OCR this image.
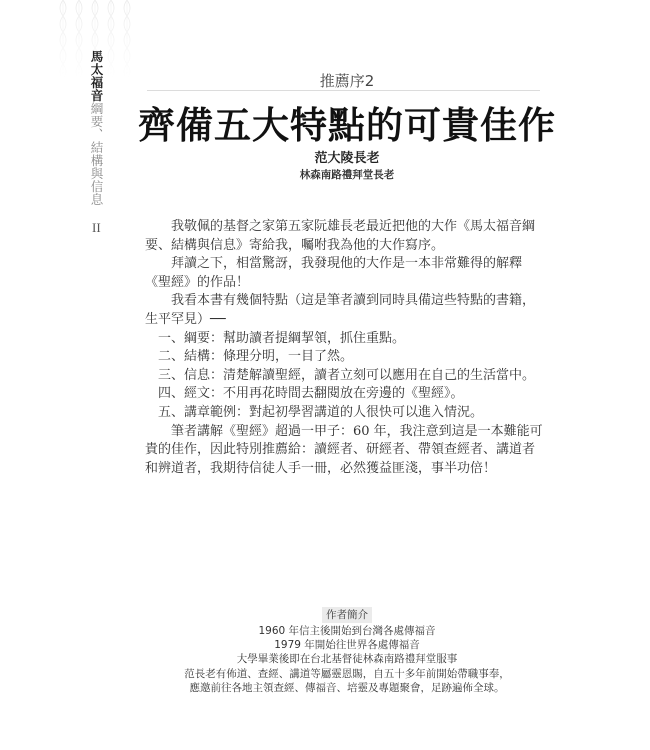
馬太福音綱要、結構與信息
II
推薦序2
齊備五大特點的可貴佳作
范大陵長老
林森南路禮拜堂長老

我敬佩的基督之家第五家阮雄長老最近把他的大作《馬太福音綱要、結構與信息》寄給我，囑咐我為他的大作寫序。

拜讀之下，相當驚訝，我發現他的大作是一本非常難得的解釋《聖經》的作品！

我看本書有幾個特點（這是筆者讀到同時具備這些特點的書籍，生平罕見）──

一、綱要：幫助讀者提綱挈領，抓住重點。

二、結構：條理分明，一目了然。

三、信息：清楚解讀聖經，讀者立刻可以應用在自己的生活當中。

四、經文：不用再花時間去翻閱放在旁邊的《聖經》。

五、講章範例：對起初學習講道的人很快可以進入情況。

筆者講解《聖經》超過一甲子：60 年，我注意到這是一本難能可貴的佳作，因此特別推薦給：讀經者、研經者、帶領查經者、講道者和辨道者，我期待信徒人手一冊，必然獲益匪淺，事半功倍！

作者簡介

1960 年信主後開始到台灣各處傳福音

1979 年開始往世界各處傳福音

大學畢業後即在台北基督徒林森南路禮拜堂服事

范長老有佈道、查經、講道等屬靈恩賜，自五十多年前開始帶職事奉，

應邀前往各地主領查經、傳福音、培靈及專題聚會，足跡遍佈全球。
